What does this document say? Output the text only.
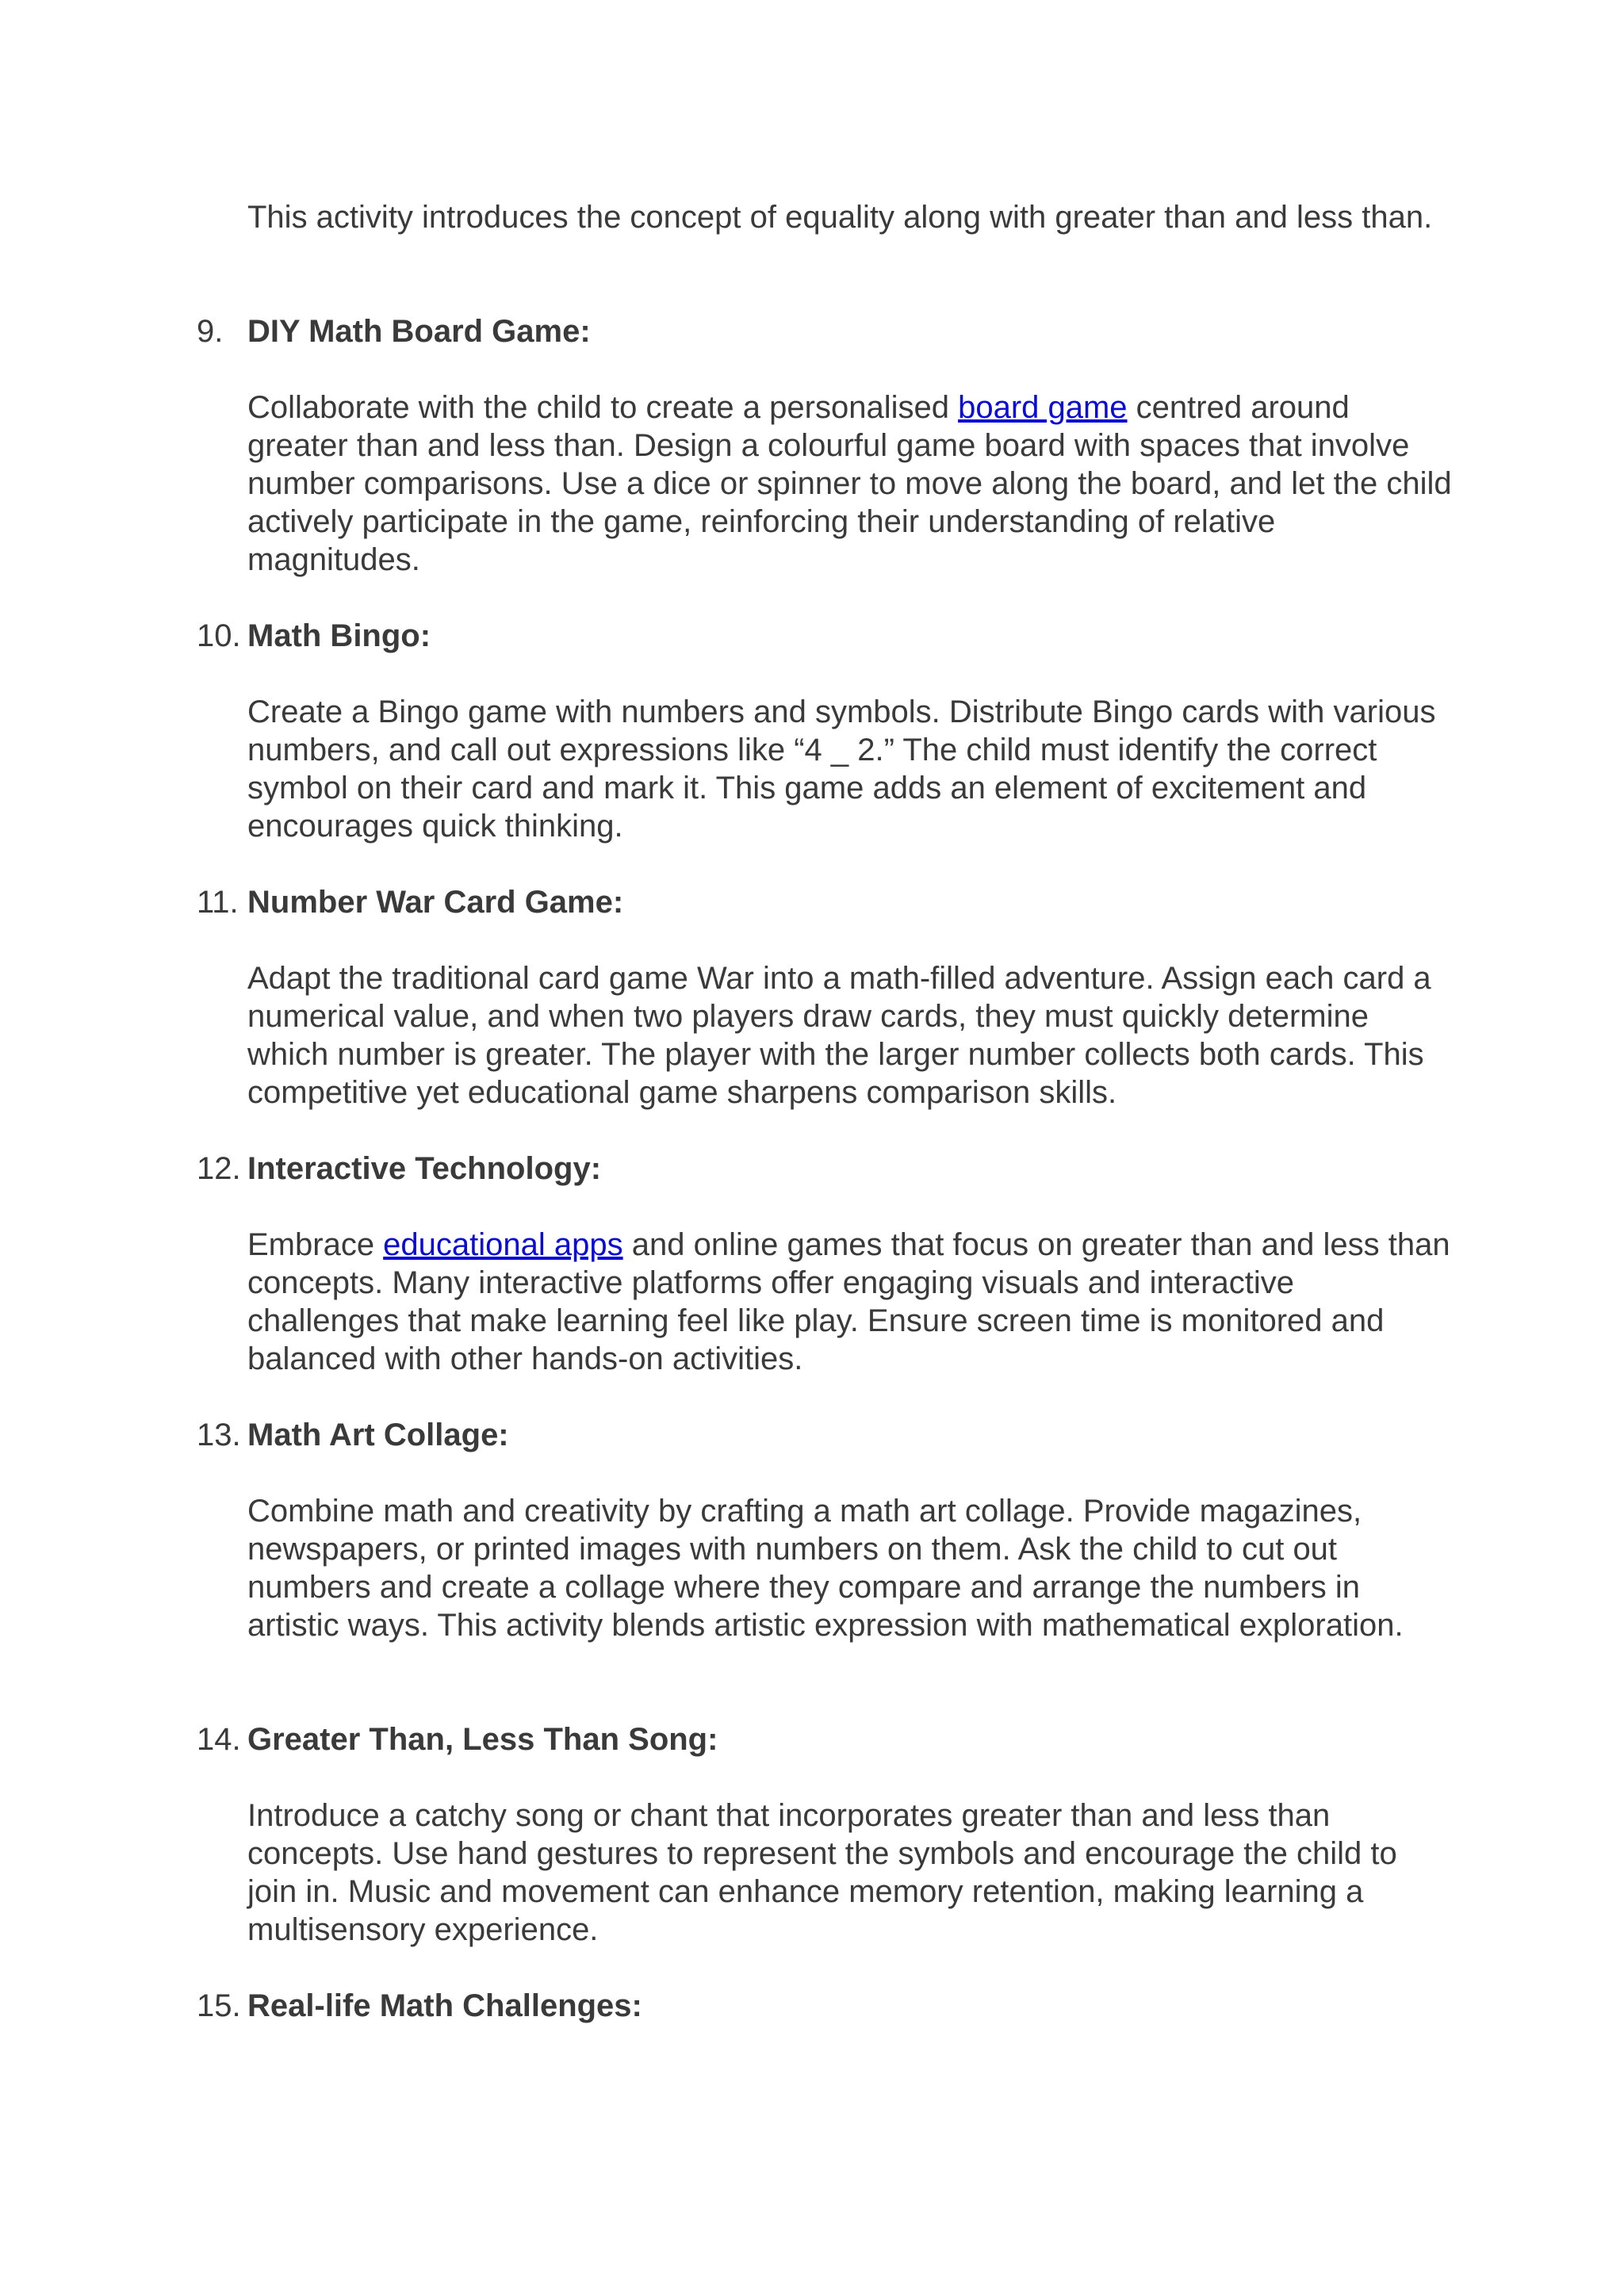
This activity introduces the concept of equality along with greater than and less than.

9. DIY Math Board Game:

Collaborate with the child to create a personalised board game centred around greater than and less than. Design a colourful game board with spaces that involve number comparisons. Use a dice or spinner to move along the board, and let the child actively participate in the game, reinforcing their understanding of relative magnitudes.

10. Math Bingo:

Create a Bingo game with numbers and symbols. Distribute Bingo cards with various numbers, and call out expressions like “4 _ 2.” The child must identify the correct symbol on their card and mark it. This game adds an element of excitement and encourages quick thinking.

11. Number War Card Game:

Adapt the traditional card game War into a math-filled adventure. Assign each card a numerical value, and when two players draw cards, they must quickly determine which number is greater. The player with the larger number collects both cards. This competitive yet educational game sharpens comparison skills.

12. Interactive Technology:

Embrace educational apps and online games that focus on greater than and less than concepts. Many interactive platforms offer engaging visuals and interactive challenges that make learning feel like play. Ensure screen time is monitored and balanced with other hands-on activities.

13. Math Art Collage:

Combine math and creativity by crafting a math art collage. Provide magazines, newspapers, or printed images with numbers on them. Ask the child to cut out numbers and create a collage where they compare and arrange the numbers in artistic ways. This activity blends artistic expression with mathematical exploration.

14. Greater Than, Less Than Song:

Introduce a catchy song or chant that incorporates greater than and less than concepts. Use hand gestures to represent the symbols and encourage the child to join in. Music and movement can enhance memory retention, making learning a multisensory experience.

15. Real-life Math Challenges:
